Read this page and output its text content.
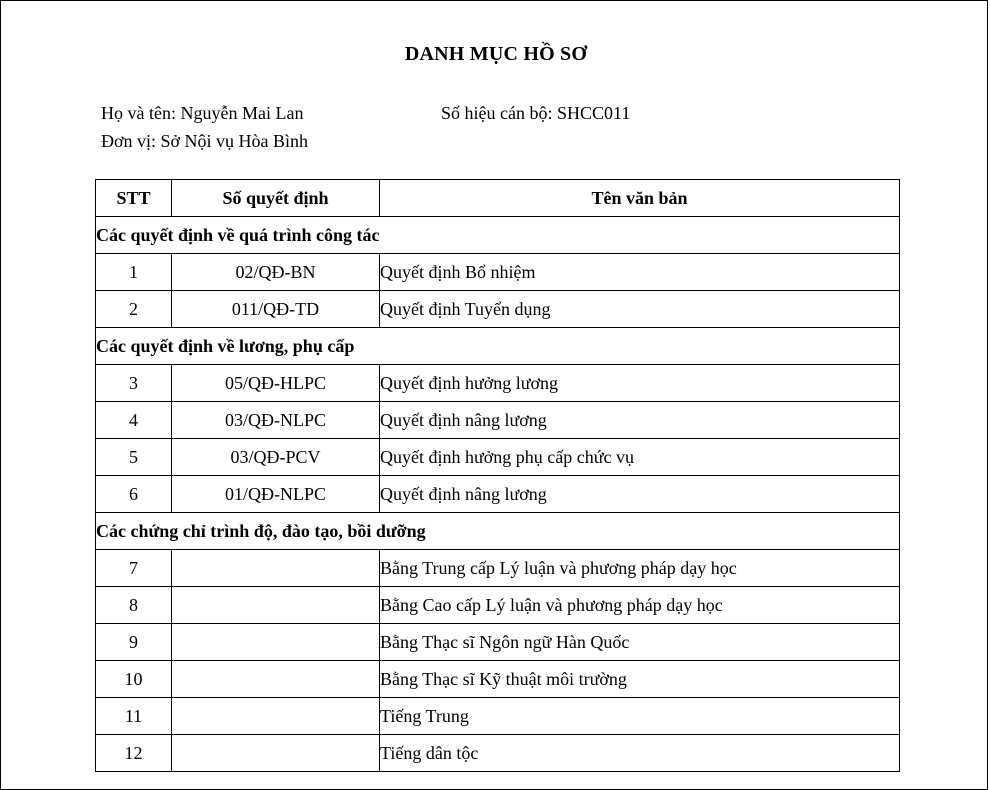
DANH MỤC HỒ SƠ
Họ và tên: Nguyễn Mai Lan	Số hiệu cán bộ: SHCC011
Đơn vị: Sở Nội vụ Hòa Bình
STT	Số quyết định	Tên văn bản
Các quyết định về quá trình công tác		
1	02/QĐ-BN	Quyết định Bổ nhiệm
2	011/QĐ-TD	Quyết định Tuyển dụng
Các quyết định về lương, phụ cấp		
3	05/QĐ-HLPC	Quyết định hưởng lương
4	03/QĐ-NLPC	Quyết định nâng lương
5	03/QĐ-PCV	Quyết định hưởng phụ cấp chức vụ
6	01/QĐ-NLPC	Quyết định nâng lương
Các chứng chỉ trình độ, đào tạo, bồi dưỡng		
7		Bằng Trung cấp Lý luận và phương pháp dạy học
8		Bằng Cao cấp Lý luận và phương pháp dạy học
9		Bằng Thạc sĩ Ngôn ngữ Hàn Quốc
10		Bằng Thạc sĩ Kỹ thuật môi trường
11		Tiếng Trung
12		Tiếng dân tộc
